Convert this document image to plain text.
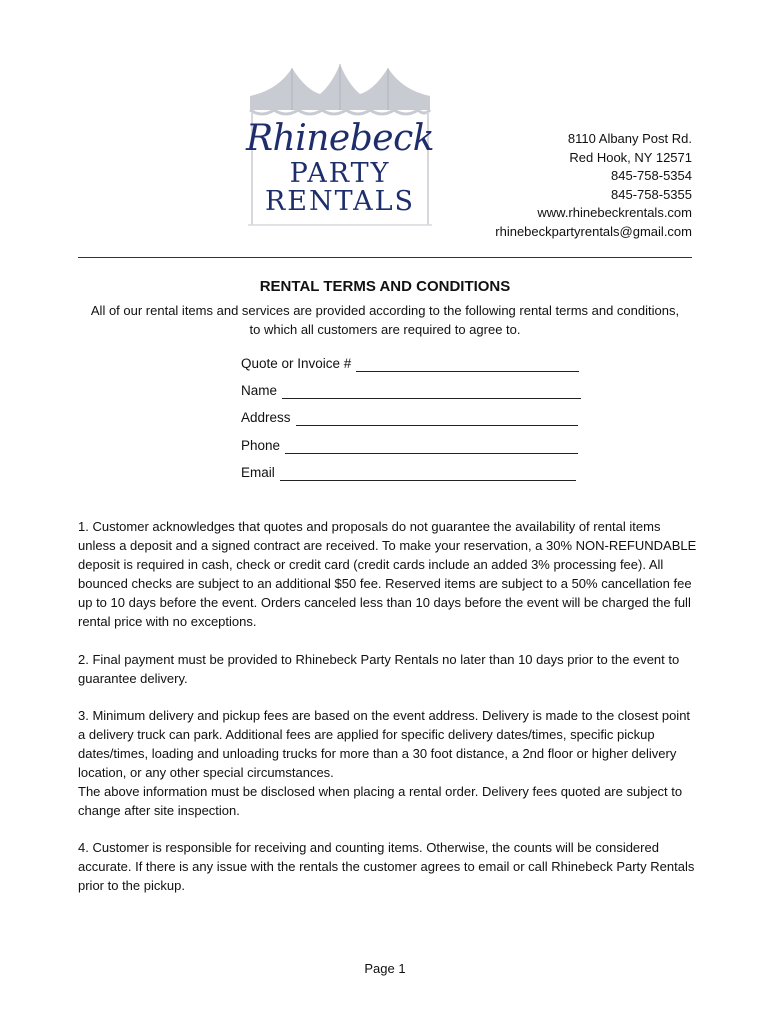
Rhinebeck
PARTY
RENTALS
8110 Albany Post Rd.
Red Hook, NY 12571
845-758-5354
845-758-5355
www.rhinebeckrentals.com
rhinebeckpartyrentals@gmail.com
RENTAL TERMS AND CONDITIONS
All of our rental items and services are provided according to the following rental terms and conditions, to which all customers are required to agree to.
Quote or Invoice #
Name
Address
Phone
Email

1. Customer acknowledges that quotes and proposals do not guarantee the availability of rental items unless a deposit and a signed contract are received. To make your reservation, a 30% NON-REFUNDABLE deposit is required in cash, check or credit card (credit cards include an added 3% processing fee). All bounced checks are subject to an additional $50 fee. Reserved items are subject to a 50% cancellation fee up to 10 days before the event. Orders canceled less than 10 days before the event will be charged the full rental price with no exceptions.

2. Final payment must be provided to Rhinebeck Party Rentals no later than 10 days prior to the event to guarantee delivery.

3. Minimum delivery and pickup fees are based on the event address. Delivery is made to the closest point a delivery truck can park. Additional fees are applied for specific delivery dates/times, specific pickup dates/times, loading and unloading trucks for more than a 30 foot distance, a 2nd floor or higher delivery location, or any other special circumstances.

The above information must be disclosed when placing a rental order. Delivery fees quoted are subject to change after site inspection.

4. Customer is responsible for receiving and counting items. Otherwise, the counts will be considered accurate. If there is any issue with the rentals the customer agrees to email or call Rhinebeck Party Rentals prior to the pickup.

Page 1
